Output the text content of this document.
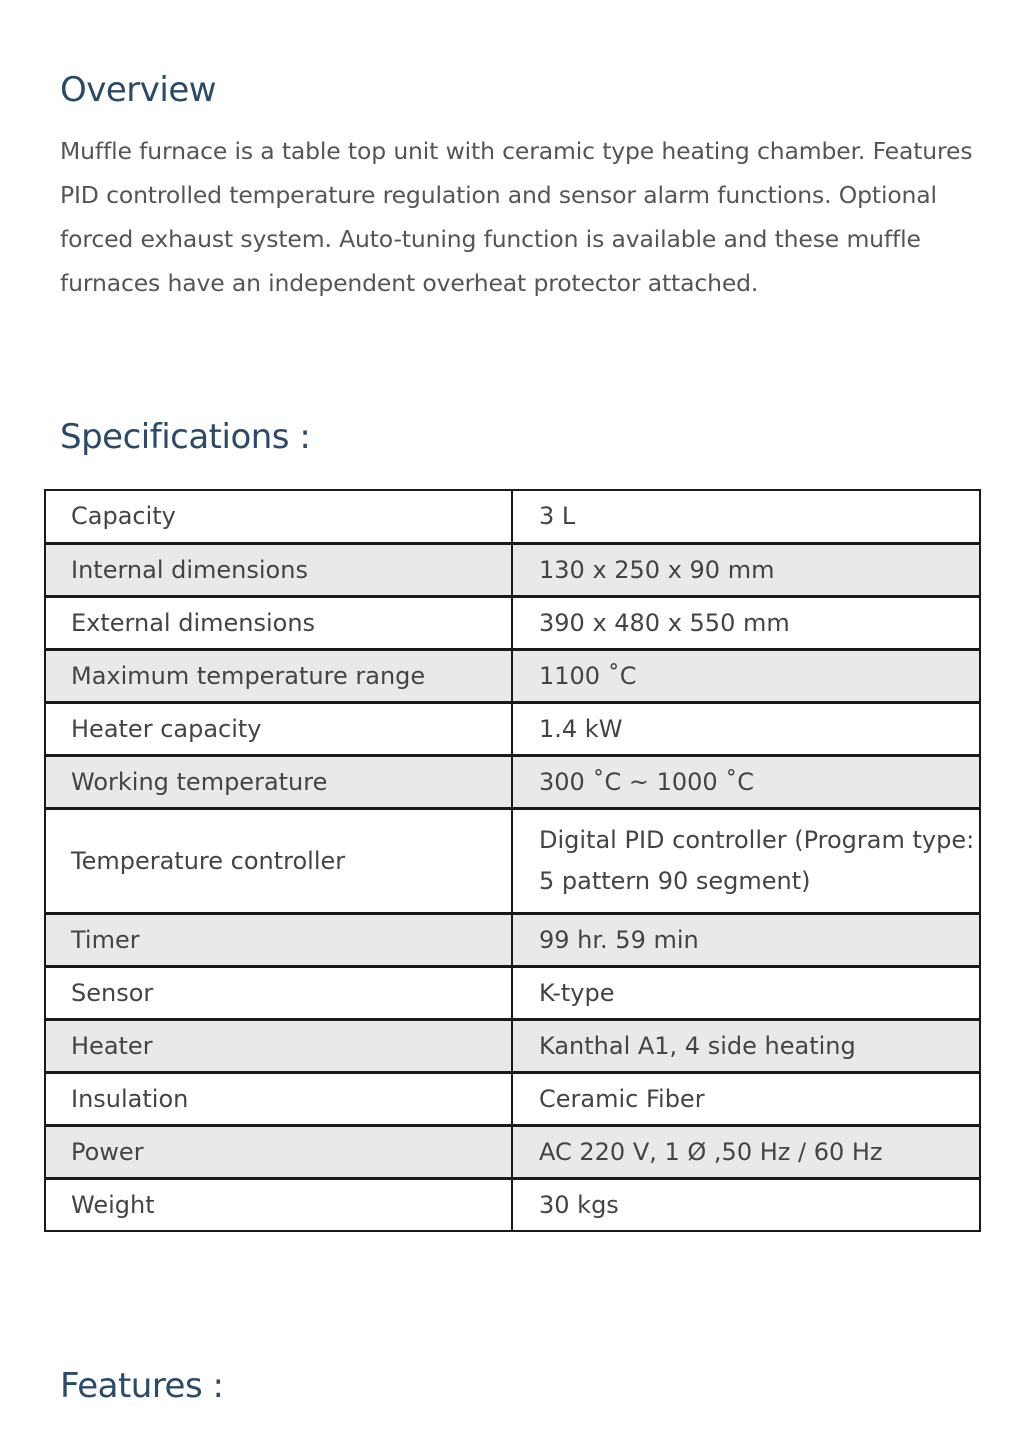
Overview

Muffle furnace is a table top unit with ceramic type heating chamber. Features PID controlled temperature regulation and sensor alarm functions. Optional forced exhaust system. Auto-tuning function is available and these muffle furnaces have an independent overheat protector attached.

Specifications :
Capacity	3 L
Internal dimensions	130 x 250 x 90 mm
External dimensions	390 x 480 x 550 mm
Maximum temperature range	1100 ˚C
Heater capacity	1.4 kW
Working temperature	300 ˚C ~ 1000 ˚C
Temperature controller	Digital PID controller (Program type: 5 pattern 90 segment)
Timer	99 hr. 59 min
Sensor	K-type
Heater	Kanthal A1, 4 side heating
Insulation	Ceramic Fiber
Power	AC 220 V, 1 Ø ,50 Hz / 60 Hz
Weight	30 kgs
Features :
